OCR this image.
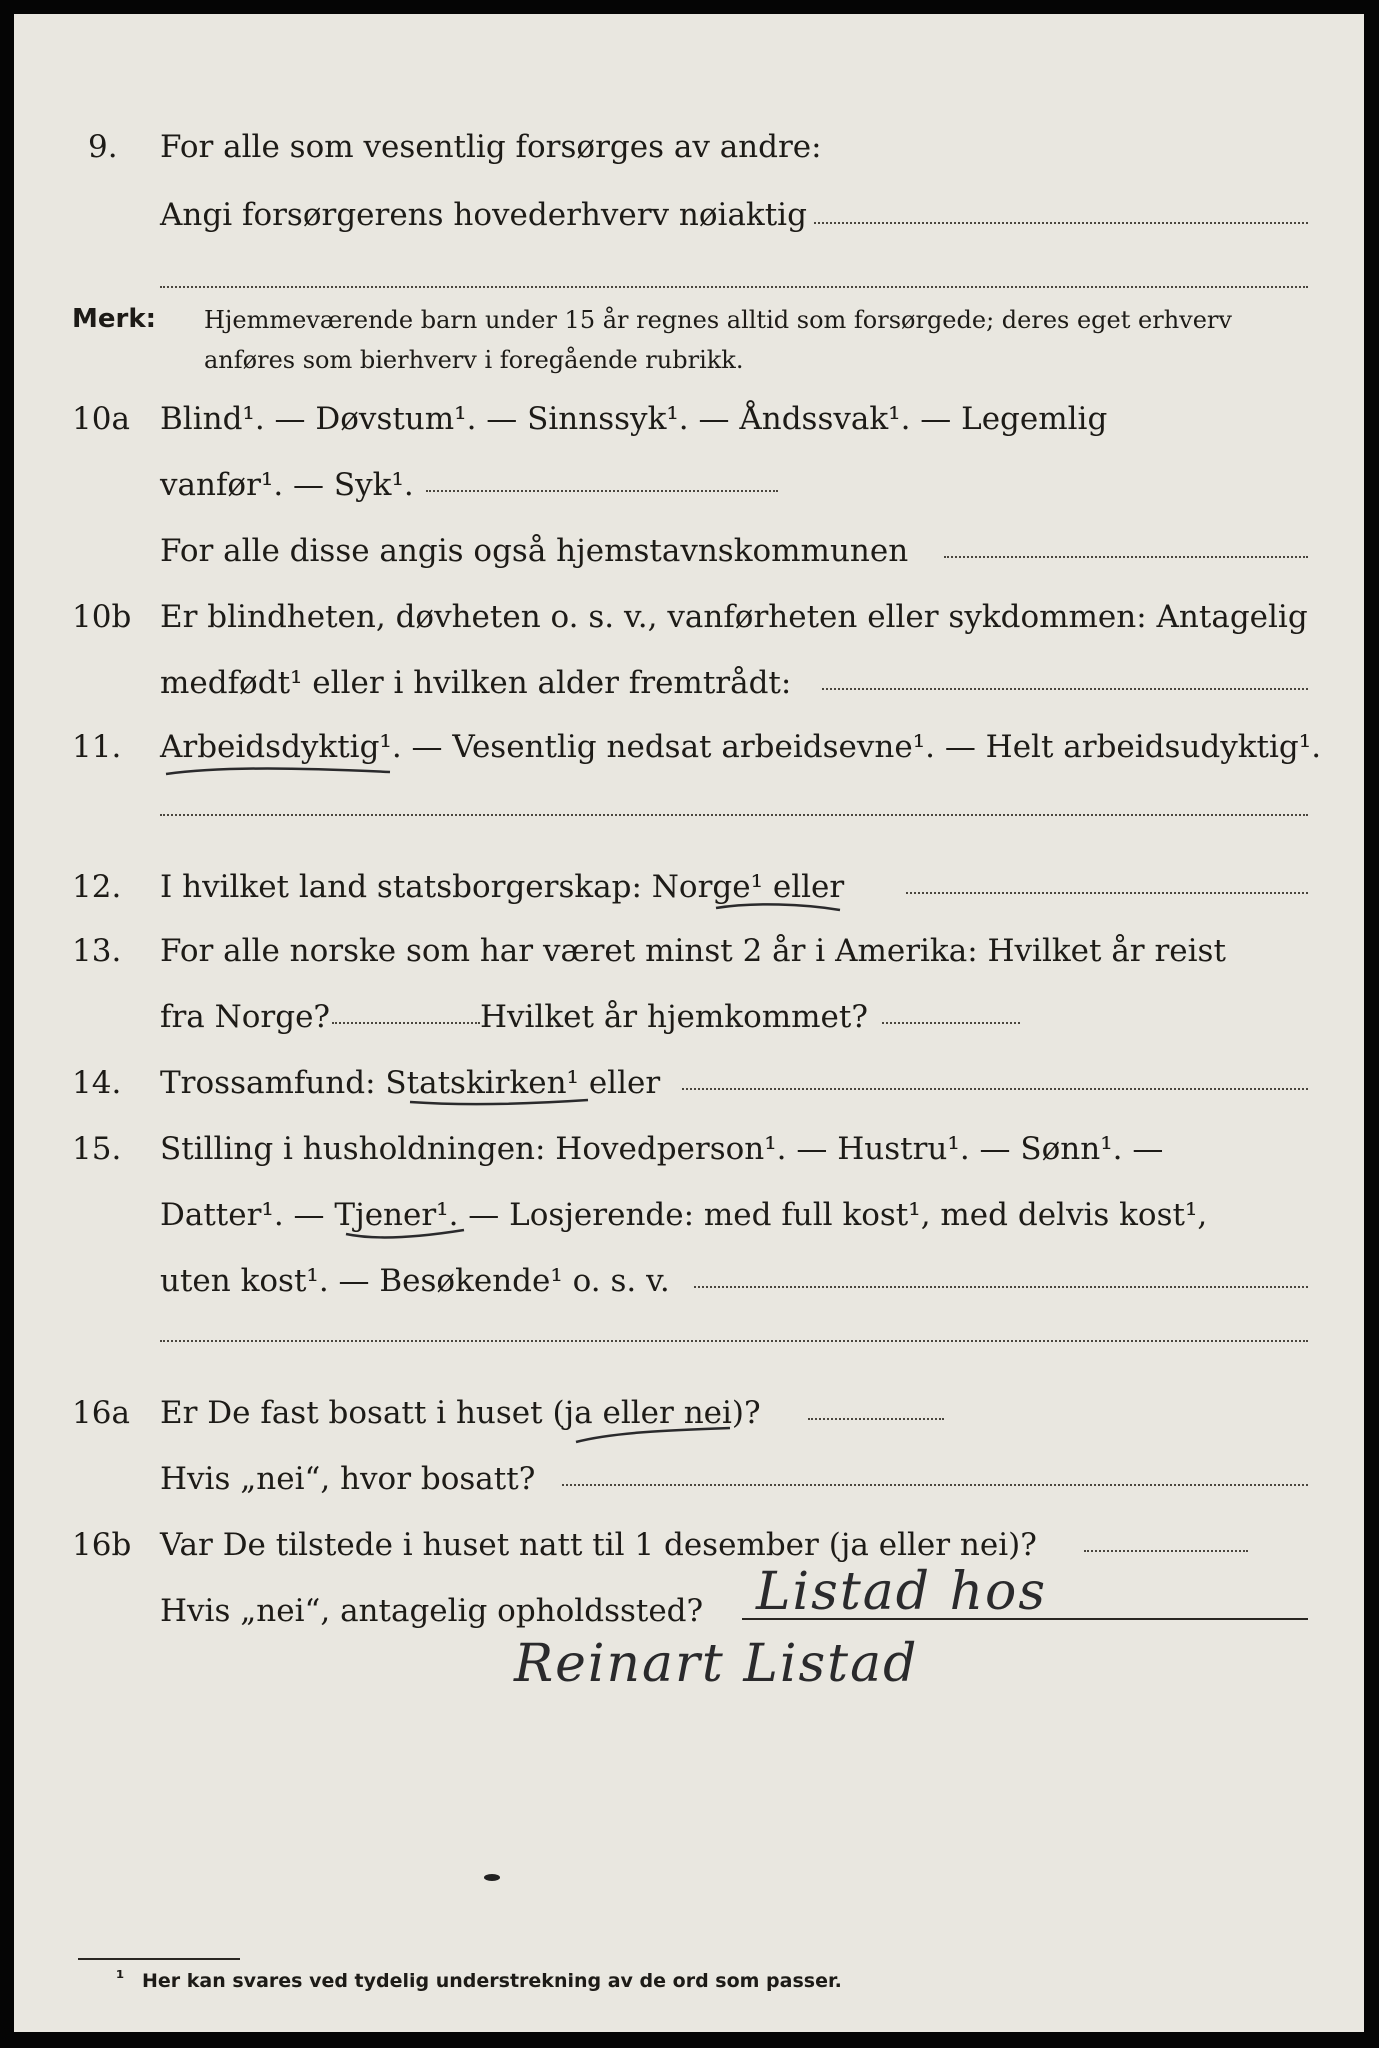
9. For alle som vesentlig forsørges av andre:
Angi forsørgerens hovederhverv nøiaktig
Merk: Hjemmeværende barn under 15 år regnes alltid som forsørgede; deres eget erhverv
anføres som bierhverv i foregående rubrikk.
10a Blind¹. — Døvstum¹. — Sinnssyk¹. — Åndssvak¹. — Legemlig
vanfør¹. — Syk¹.
For alle disse angis også hjemstavnskommunen
10b Er blindheten, døvheten o. s. v., vanførheten eller sykdommen: Antagelig
medfødt¹ eller i hvilken alder fremtrådt:
11. Arbeidsdyktig¹. — Vesentlig nedsat arbeidsevne¹. — Helt arbeidsudyktig¹.
12. I hvilket land statsborgerskap: Norge¹ eller
13. For alle norske som har været minst 2 år i Amerika: Hvilket år reist
fra Norge?	Hvilket år hjemkommet?
14. Trossamfund: Statskirken¹ eller
15. Stilling i husholdningen: Hovedperson¹. — Hustru¹. — Sønn¹. —
Datter¹. — Tjener¹. — Losjerende: med full kost¹, med delvis kost¹,
uten kost¹. — Besøkende¹ o. s. v.
16a Er De fast bosatt i huset (ja eller nei)?
Hvis „nei“, hvor bosatt?
16b Var De tilstede i huset natt til 1 desember (ja eller nei)?
Hvis „nei“, antagelig opholdssted? Listad hos
Reinart Listad
¹ Her kan svares ved tydelig understrekning av de ord som passer.
